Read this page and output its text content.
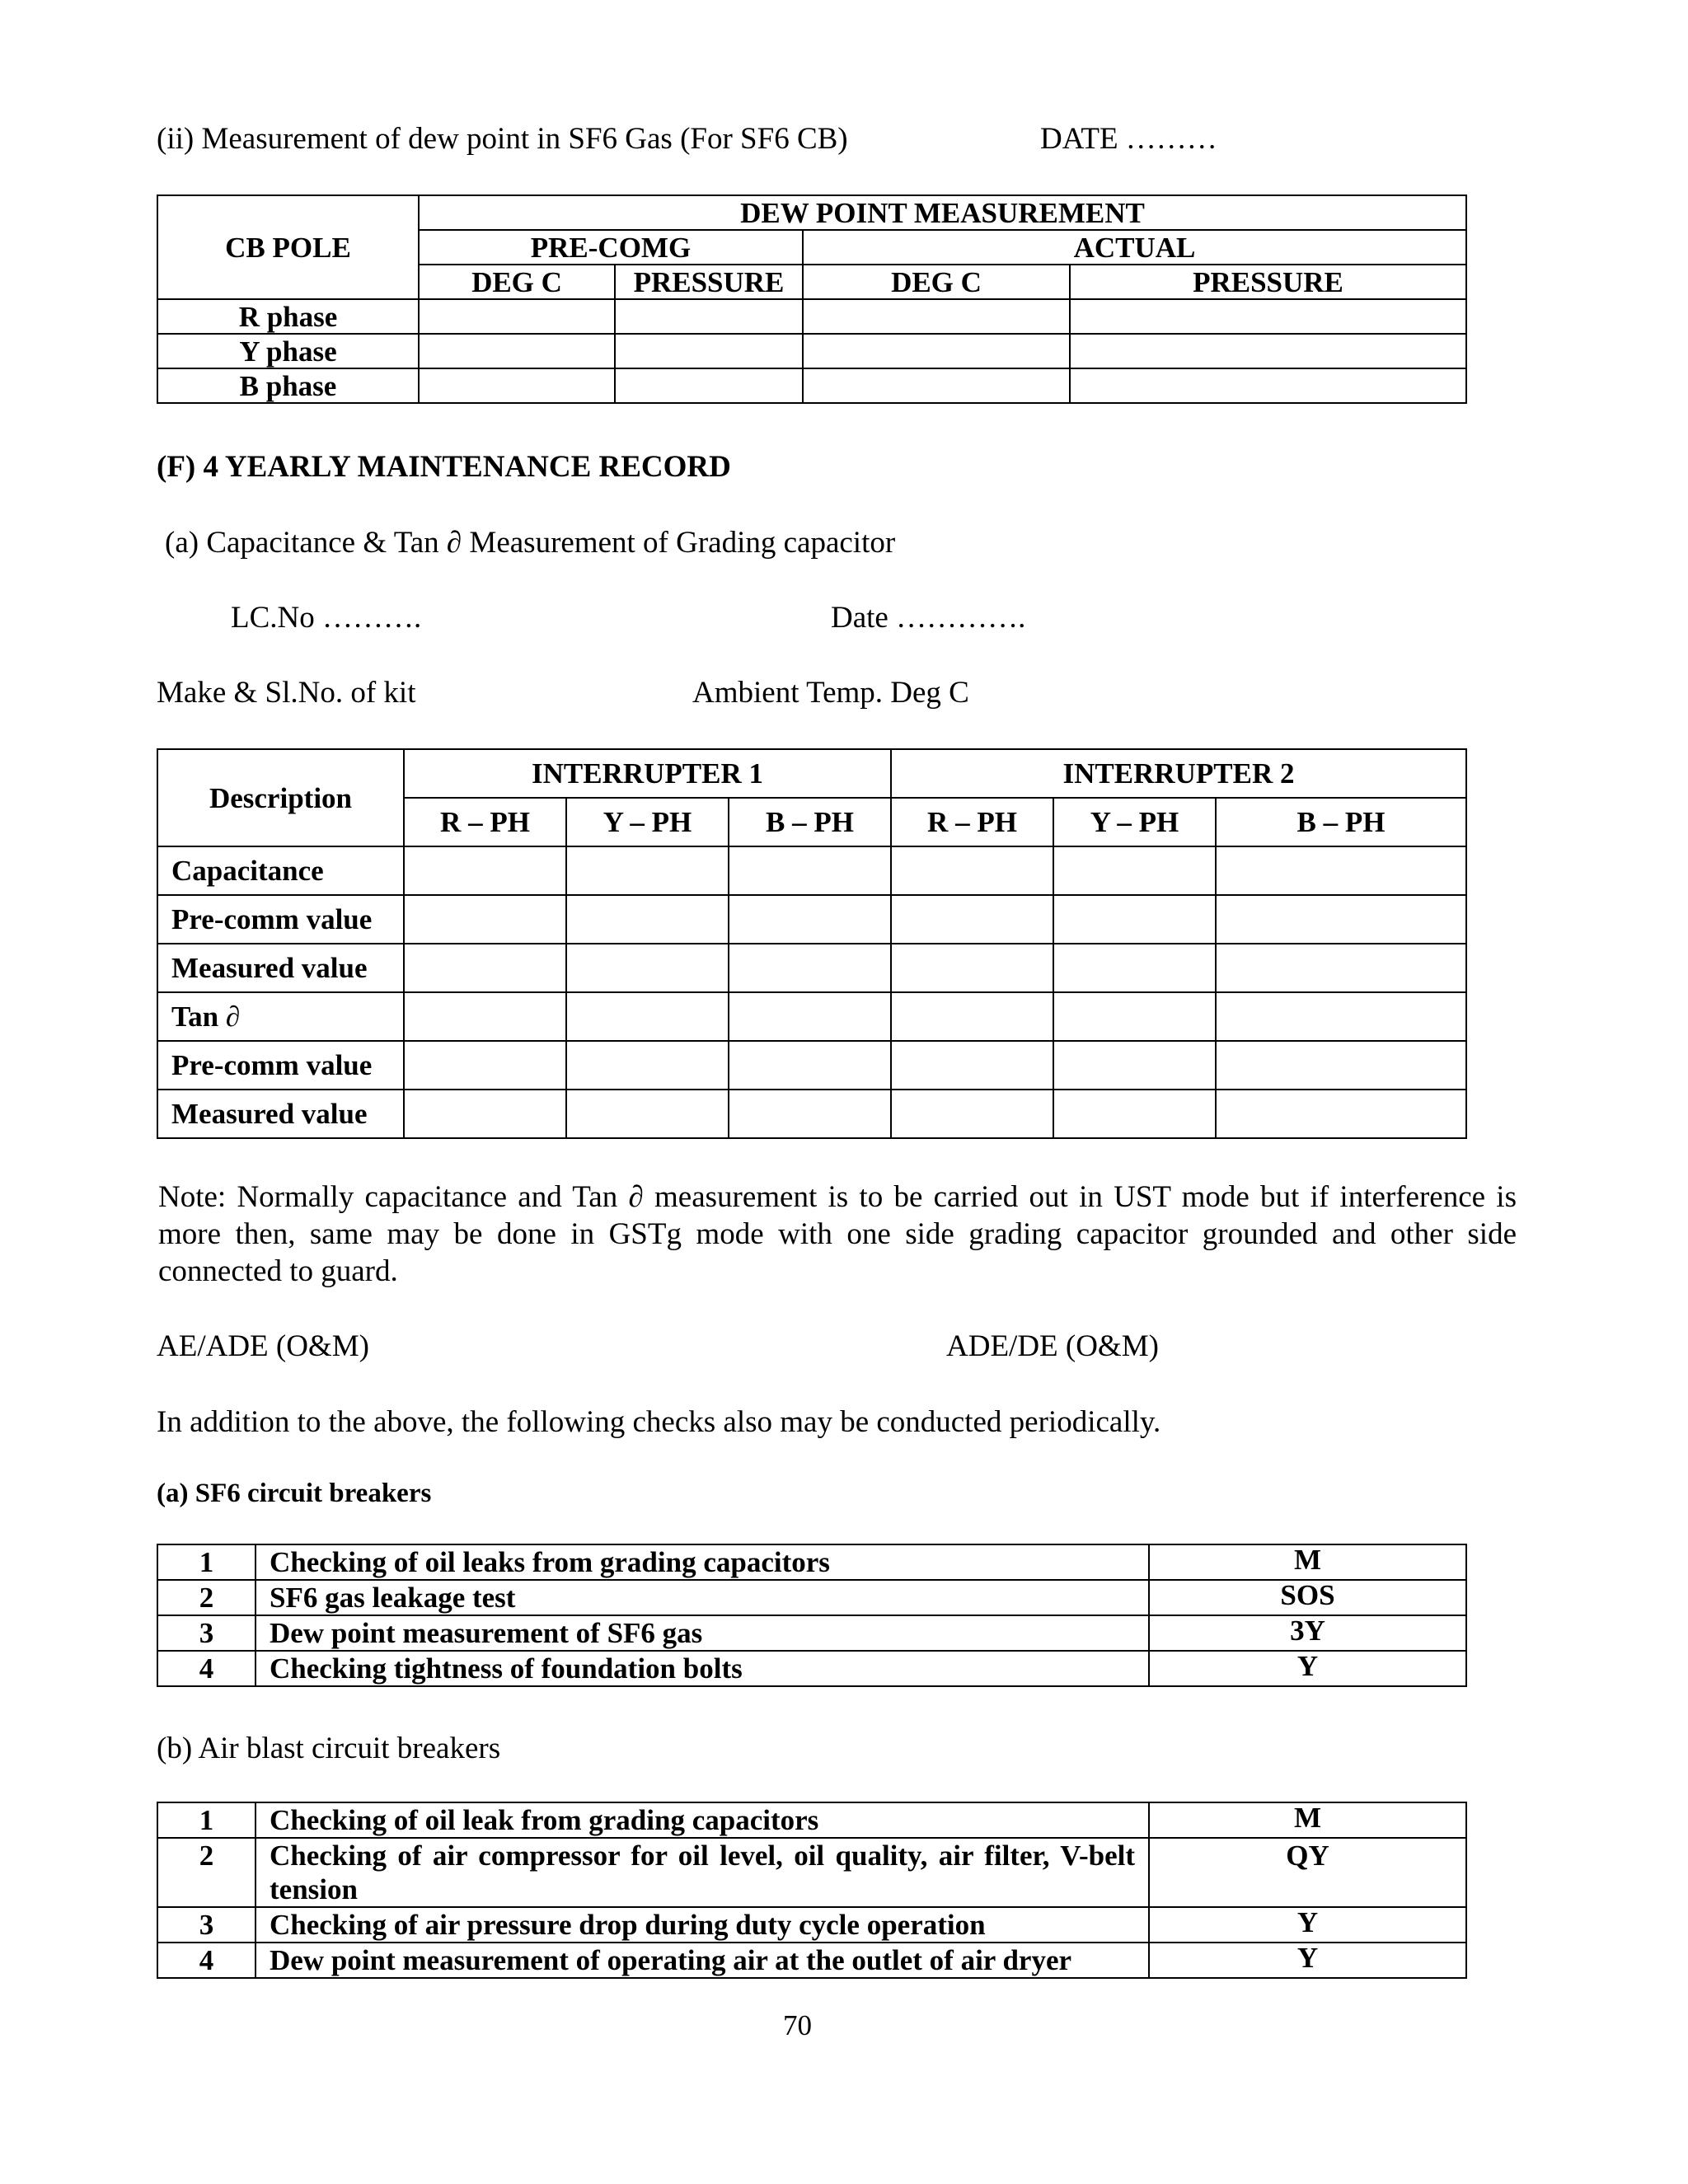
(ii) Measurement of dew point in SF6 Gas (For SF6 CB)	DATE ………
CB POLE	DEW POINT MEASUREMENT			
	PRE-COMG		ACTUAL	
	DEG C	PRESSURE	DEG C	PRESSURE
R phase				
Y phase				
B phase				
(F) 4 YEARLY MAINTENANCE RECORD
(a) Capacitance & Tan ∂ Measurement of Grading capacitor
LC.No ……….	Date ………….
Make & Sl.No. of kit	Ambient Temp. Deg C
Description	INTERRUPTER 1			INTERRUPTER 2		
	R – PH	Y – PH	B – PH	R – PH	Y – PH	B – PH
Capacitance						
Pre-comm value						
Measured value						
Tan ∂						
Pre-comm value						
Measured value						
Note: Normally capacitance and Tan ∂ measurement is to be carried out in UST mode but if interference is more then, same may be done in GSTg mode with one side grading capacitor grounded and other side connected to guard.
AE/ADE (O&M)	ADE/DE (O&M)
In addition to the above, the following checks also may be conducted periodically.
(a) SF6 circuit breakers
1	Checking of oil leaks from grading capacitors	M
2	SF6 gas leakage test	SOS
3	Dew point measurement of SF6 gas	3Y
4	Checking tightness of foundation bolts	Y
(b) Air blast circuit breakers
1	Checking of oil leak from grading capacitors	M
2	Checking of air compressor for oil level, oil quality, air filter, V-belt tension	QY
3	Checking of air pressure drop during duty cycle operation	Y
4	Dew point measurement of operating air at the outlet of air dryer	Y
70
